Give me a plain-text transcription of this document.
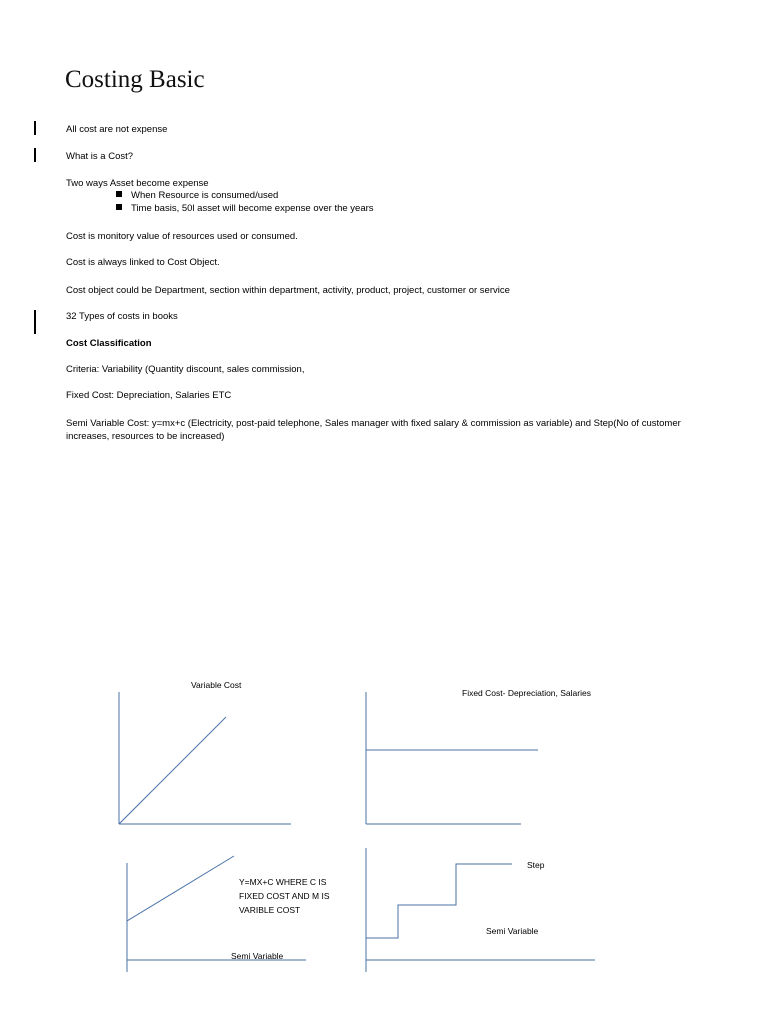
Costing Basic
All cost are not expense
What is a Cost?
Two ways Asset become expense
When Resource is consumed/used
Time basis, 50l asset will become expense over the years
Cost is monitory value of resources used or consumed.
Cost is always linked to Cost Object.
Cost object could be Department, section within department, activity, product, project, customer or service
32 Types of costs in books
Cost Classification
Criteria: Variability (Quantity discount, sales commission,
Fixed Cost: Depreciation, Salaries ETC
Semi Variable Cost: y=mx+c (Electricity, post-paid telephone, Sales manager with fixed salary & commission as variable) and Step(No of customer increases, resources to be increased)
Variable Cost
Fixed Cost- Depreciation, Salaries
Y=MX+C WHERE C IS
FIXED COST AND M IS
VARIBLE COST
Semi Variable
Step
Semi Variable
